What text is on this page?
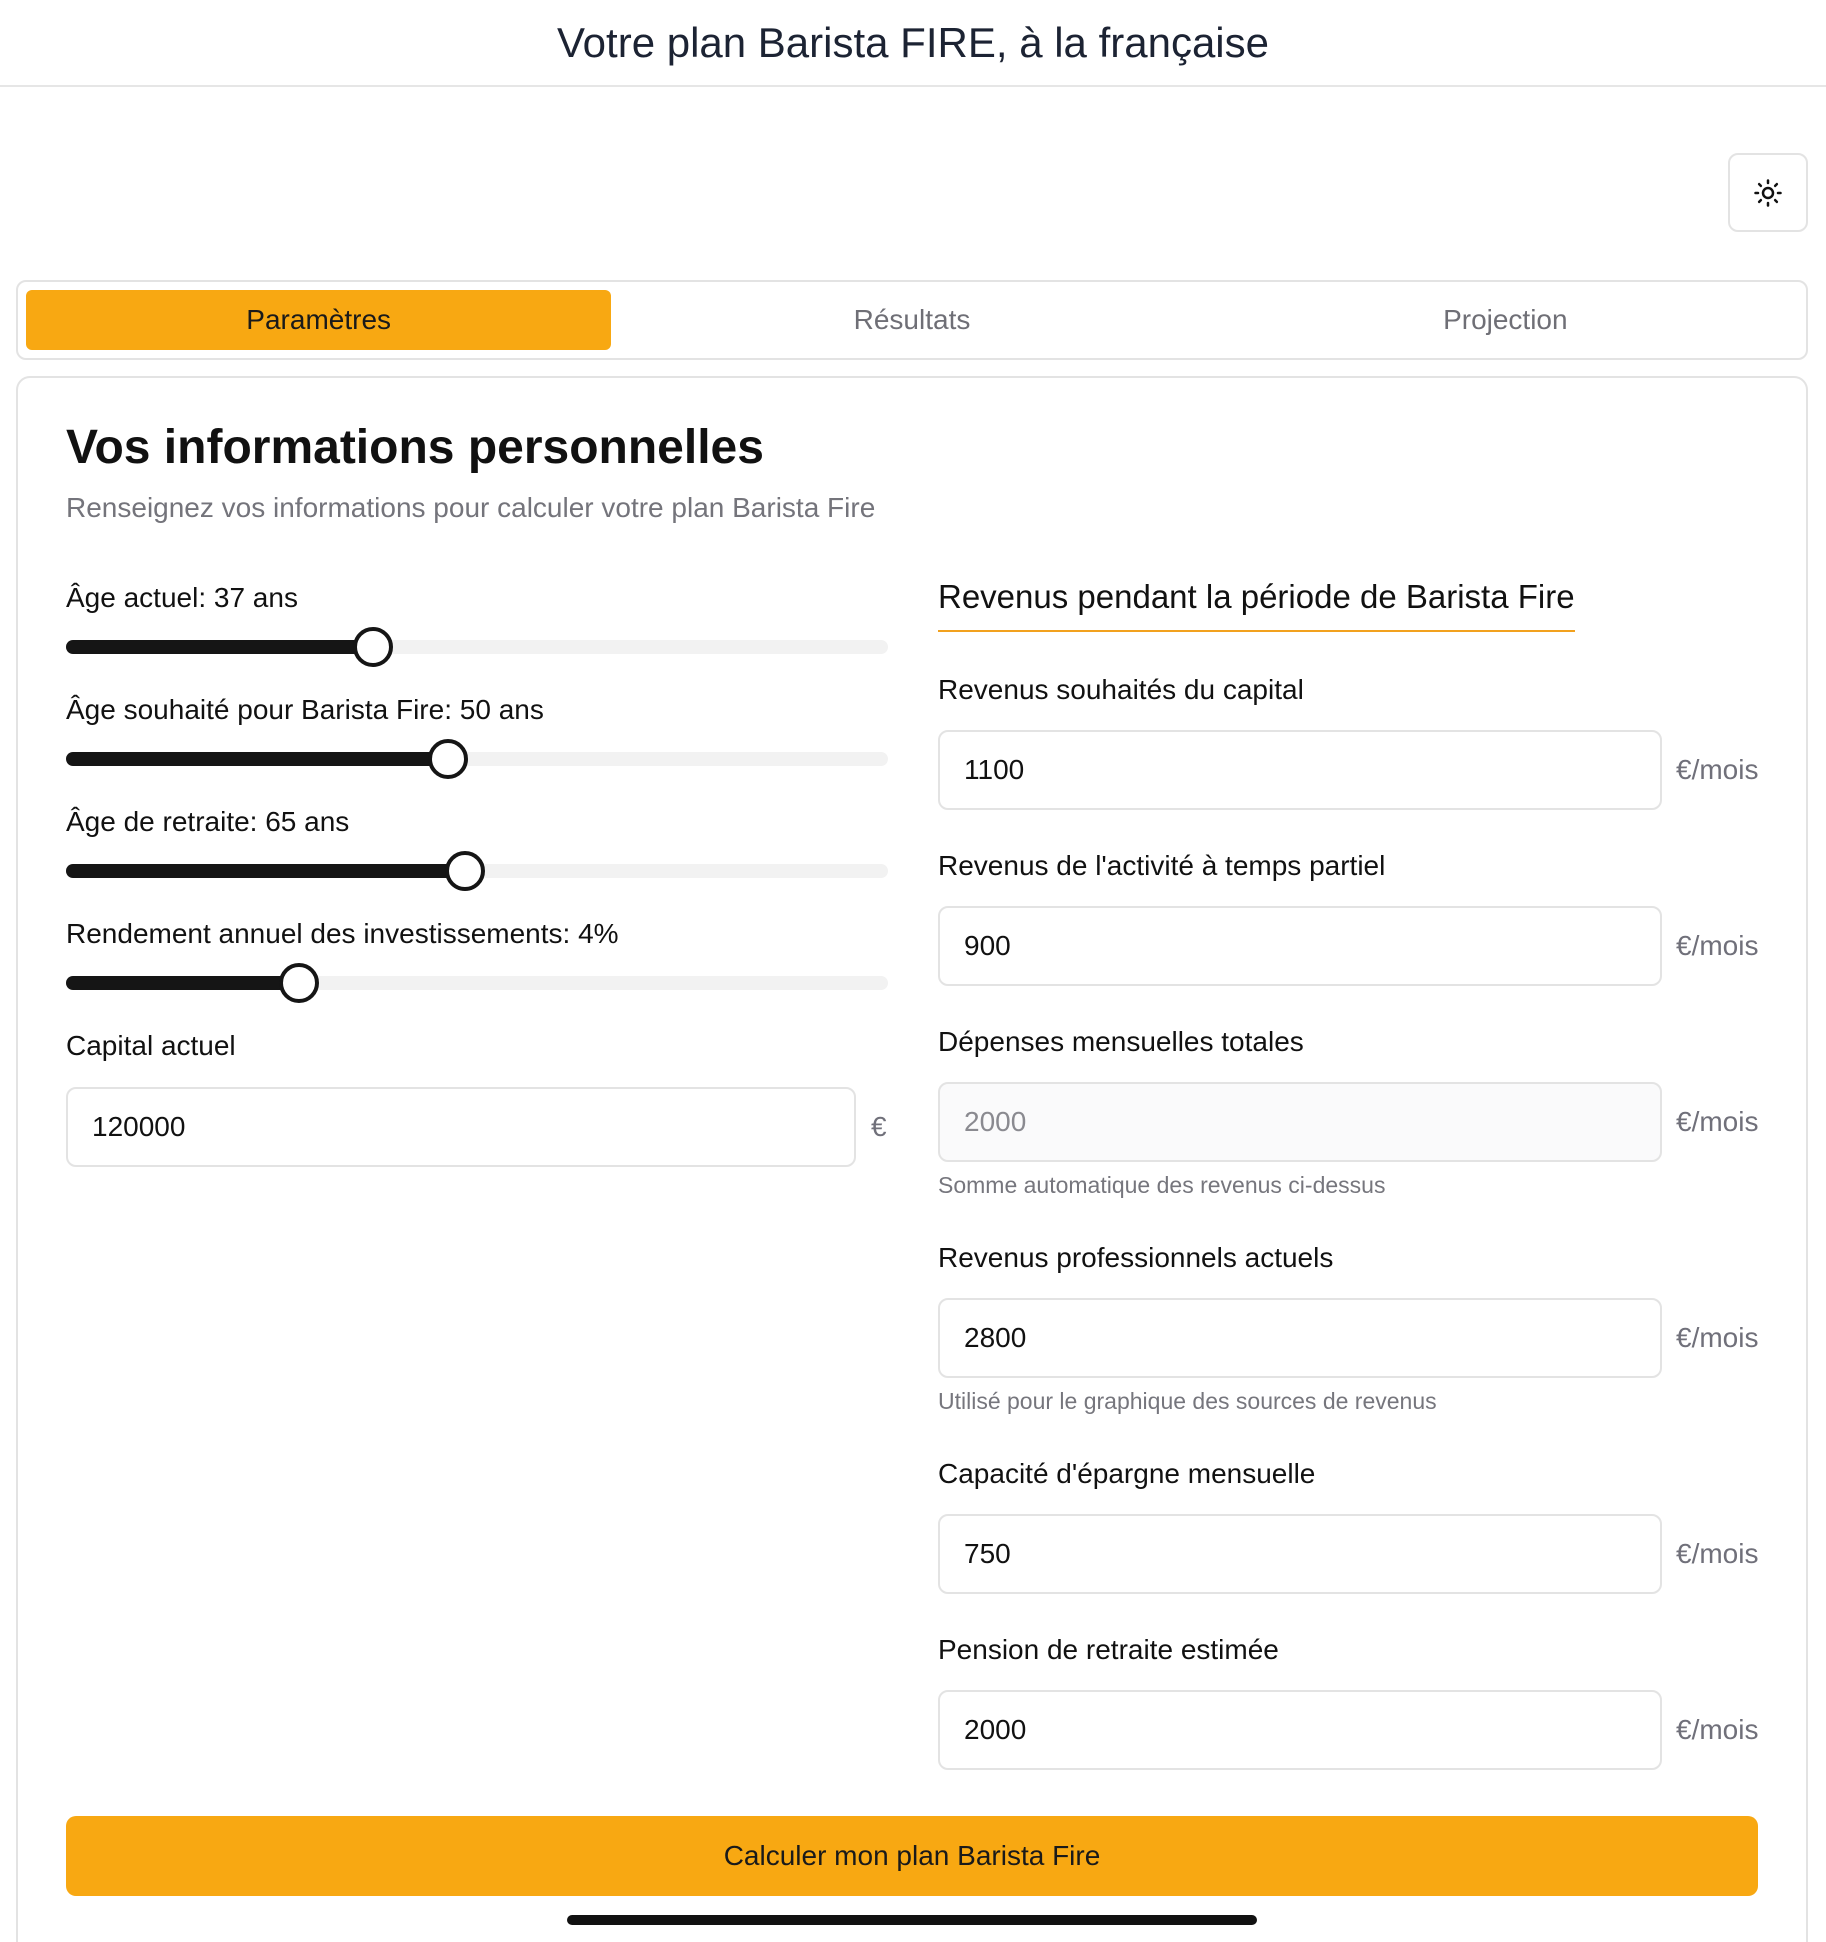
Votre plan Barista FIRE, à la française
Paramètres	Résultats	Projection
Vos informations personnelles

Renseignez vos informations pour calculer votre plan Barista Fire

Âge actuel: 37 ans
Âge souhaité pour Barista Fire: 50 ans
Âge de retraite: 65 ans
Rendement annuel des investissements: 4%
Capital actuel
120000
€
Revenus pendant la période de Barista Fire
Revenus souhaités du capital
1100
€/mois
Revenus de l'activité à temps partiel
900
€/mois
Dépenses mensuelles totales
2000
€/mois
Somme automatique des revenus ci-dessus
Revenus professionnels actuels
2800
€/mois
Utilisé pour le graphique des sources de revenus
Capacité d'épargne mensuelle
750
€/mois
Pension de retraite estimée
2000
€/mois
Calculer mon plan Barista Fire
